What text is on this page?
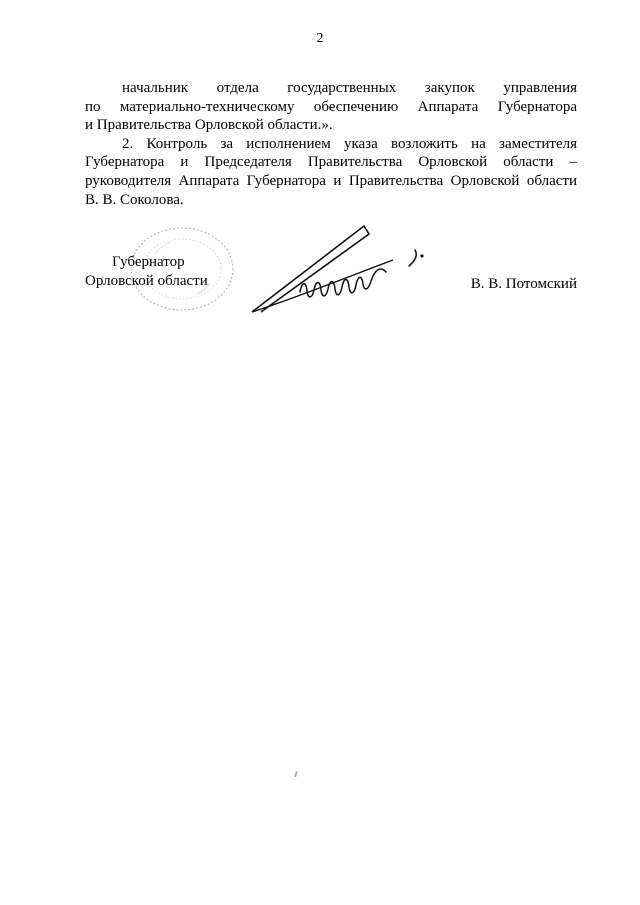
2
начальник отдела государственных закупок управления
по материально-техническому обеспечению Аппарата Губернатора
и Правительства Орловской области.».
2. Контроль за исполнением указа возложить на заместителя
Губернатора и Председателя Правительства Орловской области –
руководителя Аппарата Губернатора и Правительства Орловской области
В. В. Соколова.
Губернатор
Орловской области	В. В. Потомский
